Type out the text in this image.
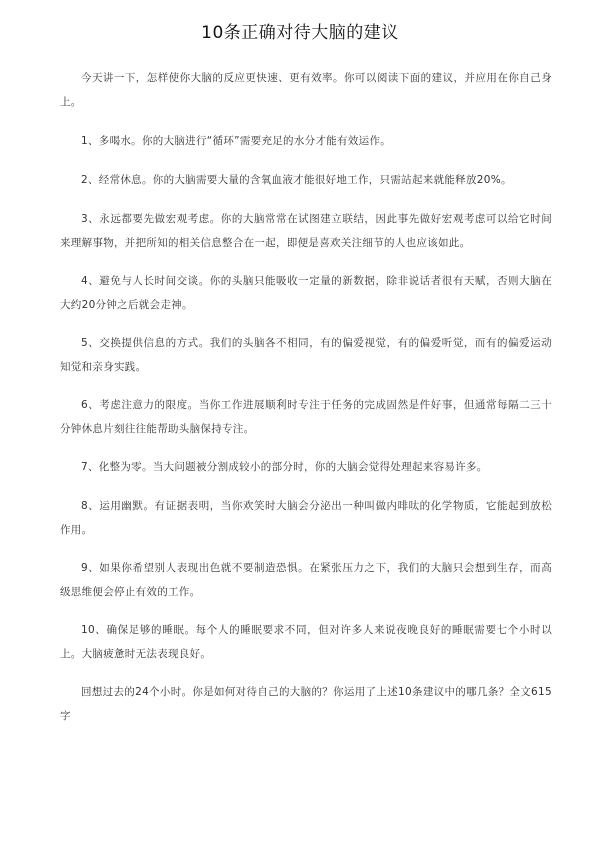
10条正确对待大脑的建议

今天讲一下，怎样使你大脑的反应更快速、更有效率。你可以阅读下面的建议，并应用在你自己身上。

1、多喝水。你的大脑进行“循环”需要充足的水分才能有效运作。

2、经常休息。你的大脑需要大量的含氧血液才能很好地工作，只需站起来就能释放20%。

3、永远都要先做宏观考虑。你的大脑常常在试图建立联结，因此事先做好宏观考虑可以给它时间来理解事物，并把所知的相关信息整合在一起，即便是喜欢关注细节的人也应该如此。

4、避免与人长时间交谈。你的头脑只能吸收一定量的新数据，除非说话者很有天赋，否则大脑在大约20分钟之后就会走神。

5、交换提供信息的方式。我们的头脑各不相同，有的偏爱视觉，有的偏爱听觉，而有的偏爱运动知觉和亲身实践。

6、考虑注意力的限度。当你工作进展顺利时专注于任务的完成固然是件好事，但通常每隔二三十分钟休息片刻往往能帮助头脑保持专注。

7、化整为零。当大问题被分割成较小的部分时，你的大脑会觉得处理起来容易许多。

8、运用幽默。有证据表明，当你欢笑时大脑会分泌出一种叫做内啡呔的化学物质，它能起到放松作用。

9、如果你希望别人表现出色就不要制造恐惧。在紧张压力之下，我们的大脑只会想到生存，而高级思维便会停止有效的工作。

10、确保足够的睡眠。每个人的睡眠要求不同，但对许多人来说夜晚良好的睡眠需要七个小时以上。大脑疲惫时无法表现良好。

回想过去的24个小时。你是如何对待自己的大脑的？你运用了上述10条建议中的哪几条？全文615字
